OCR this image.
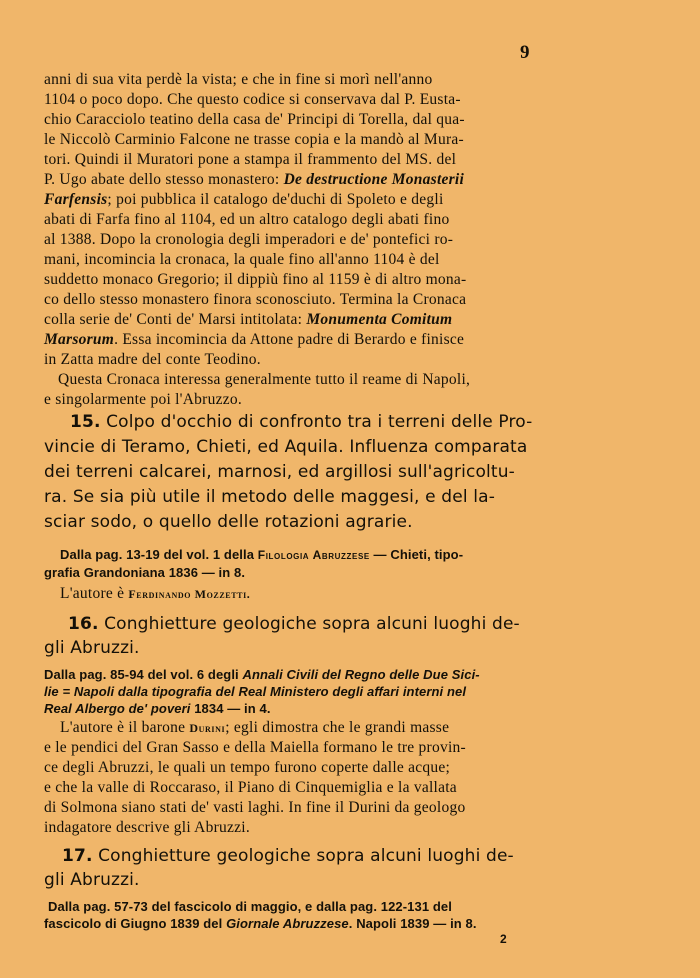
9
anni di sua vita perdè la vista; e che in fine si morì nell'anno
1104 o poco dopo. Che questo codice si conservava dal P. Eusta-
chio Caracciolo teatino della casa de' Principi di Torella, dal qua-
le Niccolò Carminio Falcone ne trasse copia e la mandò al Mura-
tori. Quindi il Muratori pone a stampa il frammento del MS. del
P. Ugo abate dello stesso monastero: De destructione Monasterii
Farfensis; poi pubblica il catalogo de'duchi di Spoleto e degli
abati di Farfa fino al 1104, ed un altro catalogo degli abati fino
al 1388. Dopo la cronologia degli imperadori e de' pontefici ro-
mani, incomincia la cronaca, la quale fino all'anno 1104 è del
suddetto monaco Gregorio; il dippiù fino al 1159 è di altro mona-
co dello stesso monastero finora sconosciuto. Termina la Cronaca
colla serie de' Conti de' Marsi intitolata: Monumenta Comitum
Marsorum. Essa incomincia da Attone padre di Berardo e finisce
in Zatta madre del conte Teodino.
Questa Cronaca interessa generalmente tutto il reame di Napoli,
e singolarmente poi l'Abruzzo.
15. Colpo d'occhio di confronto tra i terreni delle Pro-
vincie di Teramo, Chieti, ed Aquila. Influenza comparata
dei terreni calcarei, marnosi, ed argillosi sull'agricoltu-
ra. Se sia più utile il metodo delle maggesi, e del la-
sciar sodo, o quello delle rotazioni agrarie.
Dalla pag. 13-19 del vol. 1 della Filologia Abruzzese — Chieti, tipo-
grafia Grandoniana 1836 — in 8.
L'autore è Ferdinando Mozzetti.
16. Conghietture geologiche sopra alcuni luoghi de-
gli Abruzzi.
Dalla pag. 85-94 del vol. 6 degli Annali Civili del Regno delle Due Sici-
lie = Napoli dalla tipografia del Real Ministero degli affari interni nel
Real Albergo de' poveri 1834 — in 4.
L'autore è il barone Durini; egli dimostra che le grandi masse
e le pendici del Gran Sasso e della Maiella formano le tre provin-
ce degli Abruzzi, le quali un tempo furono coperte dalle acque;
e che la valle di Roccaraso, il Piano di Cinquemiglia e la vallata
di Solmona siano stati de' vasti laghi. In fine il Durini da geologo
indagatore descrive gli Abruzzi.
17. Conghietture geologiche sopra alcuni luoghi de-
gli Abruzzi.
Dalla pag. 57-73 del fascicolo di maggio, e dalla pag. 122-131 del
fascicolo di Giugno 1839 del Giornale Abruzzese. Napoli 1839 — in 8.
2
